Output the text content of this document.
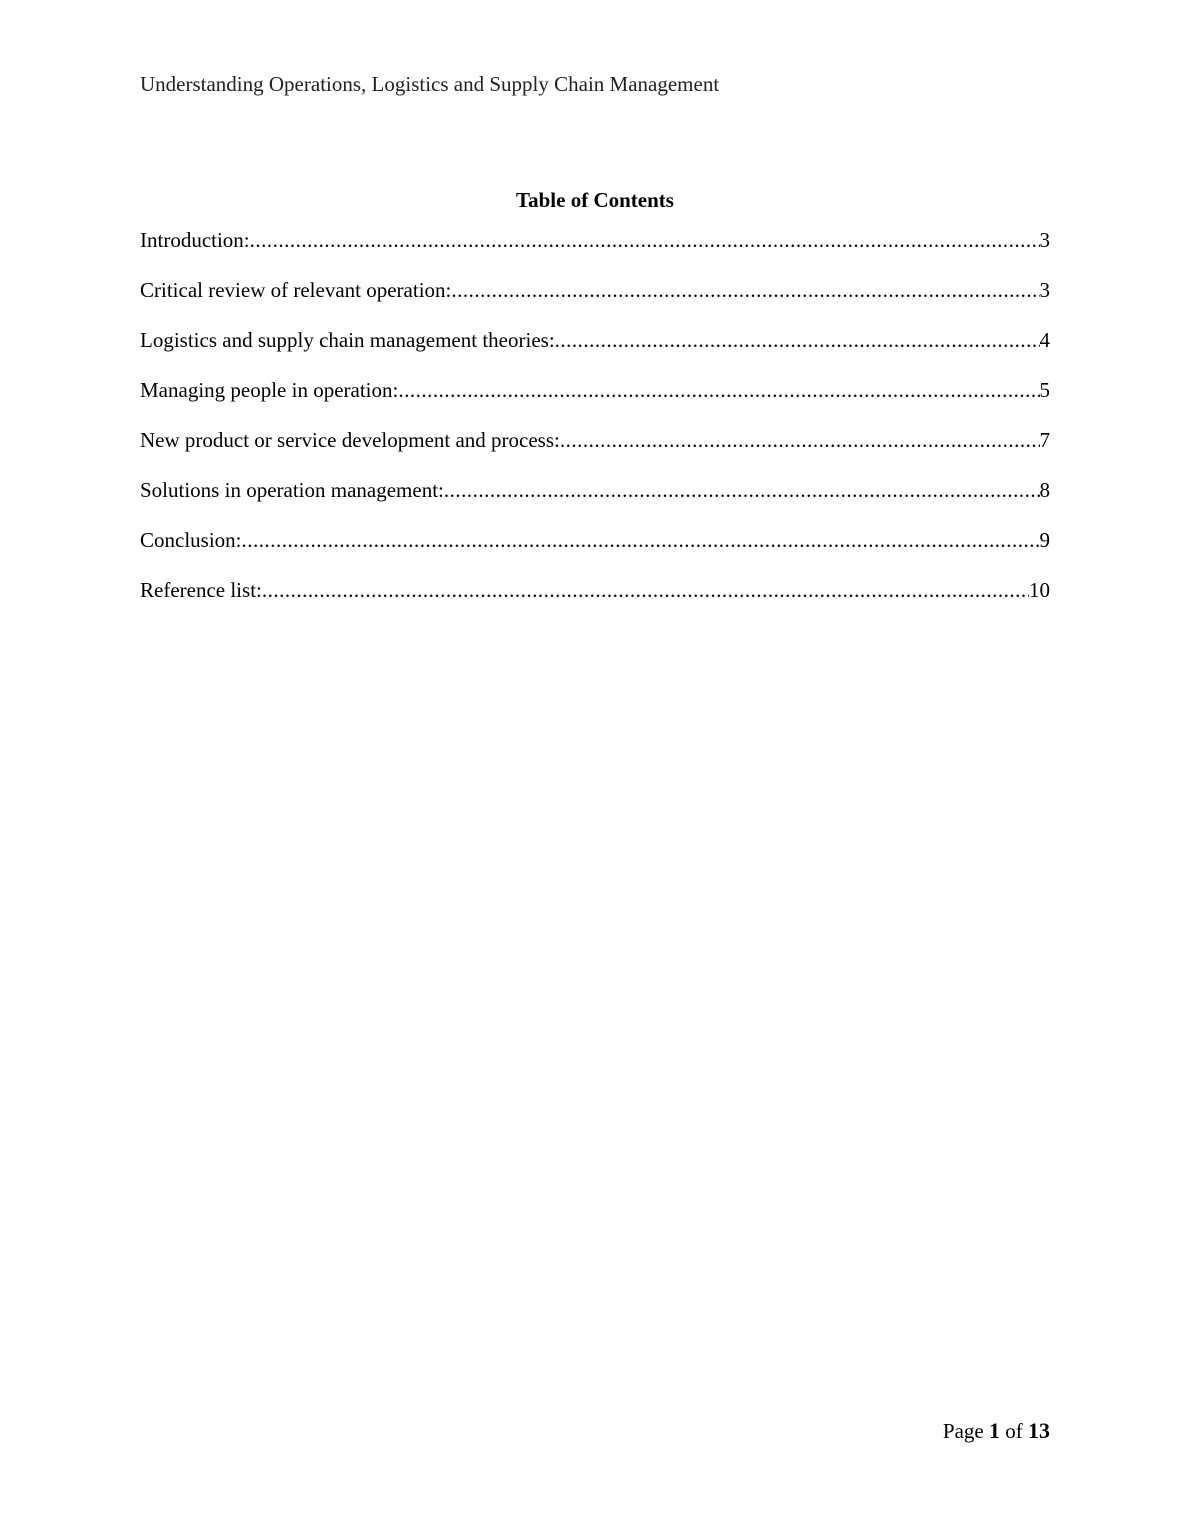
Understanding Operations, Logistics and Supply Chain Management
Table of Contents
Introduction: .....	3
Critical review of relevant operation: .....	3
Logistics and supply chain management theories: .....	4
Managing people in operation: .....	5
New product or service development and process: .....	7
Solutions in operation management: .....	8
Conclusion: .....	9
Reference list: .....	10
Page 1 of 13
